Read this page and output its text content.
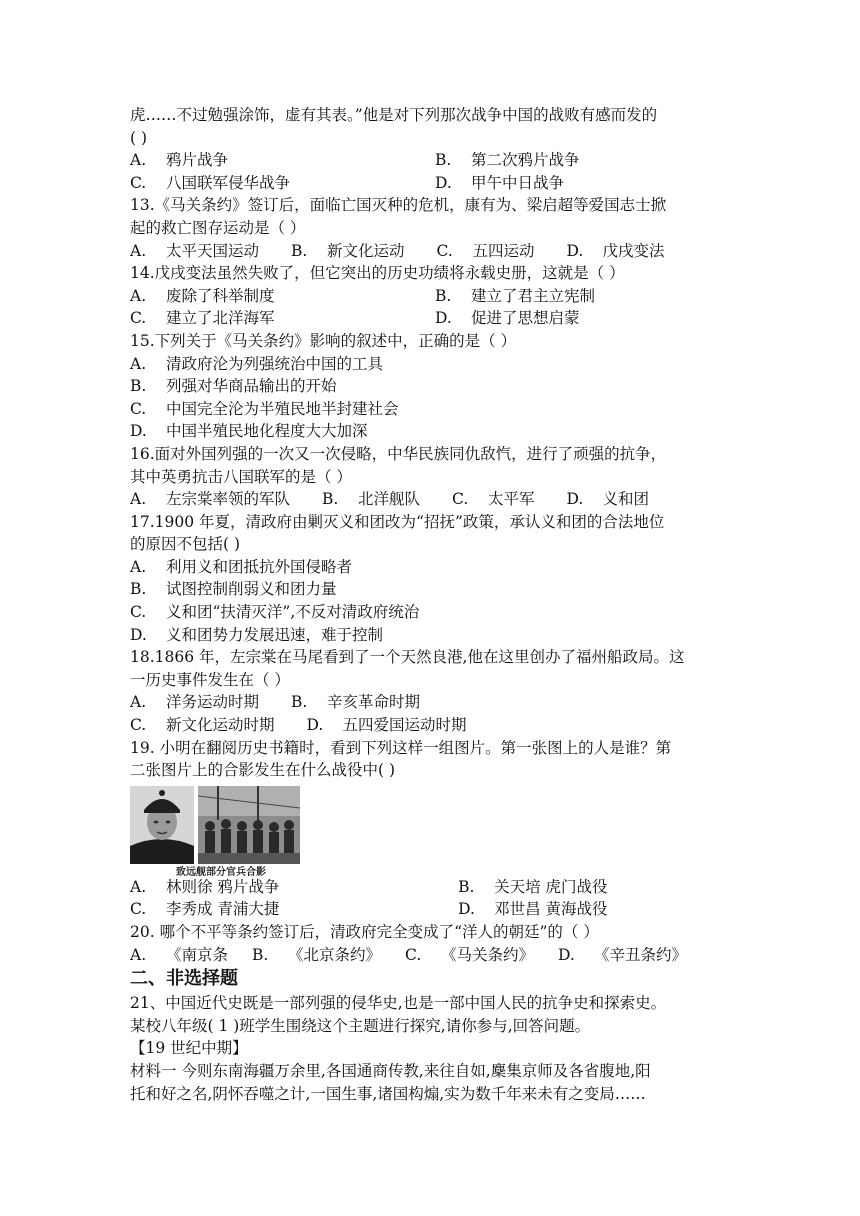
虎……不过勉强涂饰，虚有其表。”他是对下列那次战争中国的战败有感而发的
( )
A. 鸦片战争	B. 第二次鸦片战争
C. 八国联军侵华战争	D. 甲午中日战争
13.《马关条约》签订后，面临亡国灭种的危机，康有为、梁启超等爱国志士掀
起的救亡图存运动是（ ）
A. 太平天国运动 B. 新文化运动 C. 五四运动 D. 戊戌变法
14.戊戌变法虽然失败了，但它突出的历史功绩将永载史册，这就是（ ）
A. 废除了科举制度	B. 建立了君主立宪制
C. 建立了北洋海军	D. 促进了思想启蒙
15.下列关于《马关条约》影响的叙述中，正确的是（ ）
A. 清政府沦为列强统治中国的工具
B. 列强对华商品输出的开始
C. 中国完全沦为半殖民地半封建社会
D. 中国半殖民地化程度大大加深
16.面对外国列强的一次又一次侵略，中华民族同仇敌忾，进行了顽强的抗争，
其中英勇抗击八国联军的是（ ）
A. 左宗棠率领的军队 B. 北洋舰队 C. 太平军 D. 义和团
17.1900 年夏，清政府由剿灭义和团改为“招抚”政策，承认义和团的合法地位
的原因不包括( )
A. 利用义和团抵抗外国侵略者
B. 试图控制削弱义和团力量
C. 义和团“扶清灭洋”,不反对清政府统治
D. 义和团势力发展迅速，难于控制
18.1866 年，左宗棠在马尾看到了一个天然良港,他在这里创办了福州船政局。这
一历史事件发生在（ ）
A. 洋务运动时期 B. 辛亥革命时期
C. 新文化运动时期 D. 五四爱国运动时期
19. 小明在翻阅历史书籍时，看到下列这样一组图片。第一张图上的人是谁？第
二张图片上的合影发生在什么战役中( )
致远舰部分官兵合影
A. 林则徐 鸦片战争	B. 关天培 虎门战役
C. 李秀成 青浦大捷	D. 邓世昌 黄海战役
20. 哪个不平等条约签订后，清政府完全变成了“洋人的朝廷”的（ ）
A. 《南京条 B. 《北京条约》 C. 《马关条约》 D. 《辛丑条约》
二、非选择题
21、中国近代史既是一部列强的侵华史,也是一部中国人民的抗争史和探索史。
某校八年级( 1 )班学生围绕这个主题进行探究,请你参与,回答问题。
【19 世纪中期】
材料一 今则东南海疆万余里,各国通商传教,来往自如,麇集京师及各省腹地,阳
托和好之名,阴怀吞噬之计,一国生事,诸国构煽,实为数千年来未有之变局……
